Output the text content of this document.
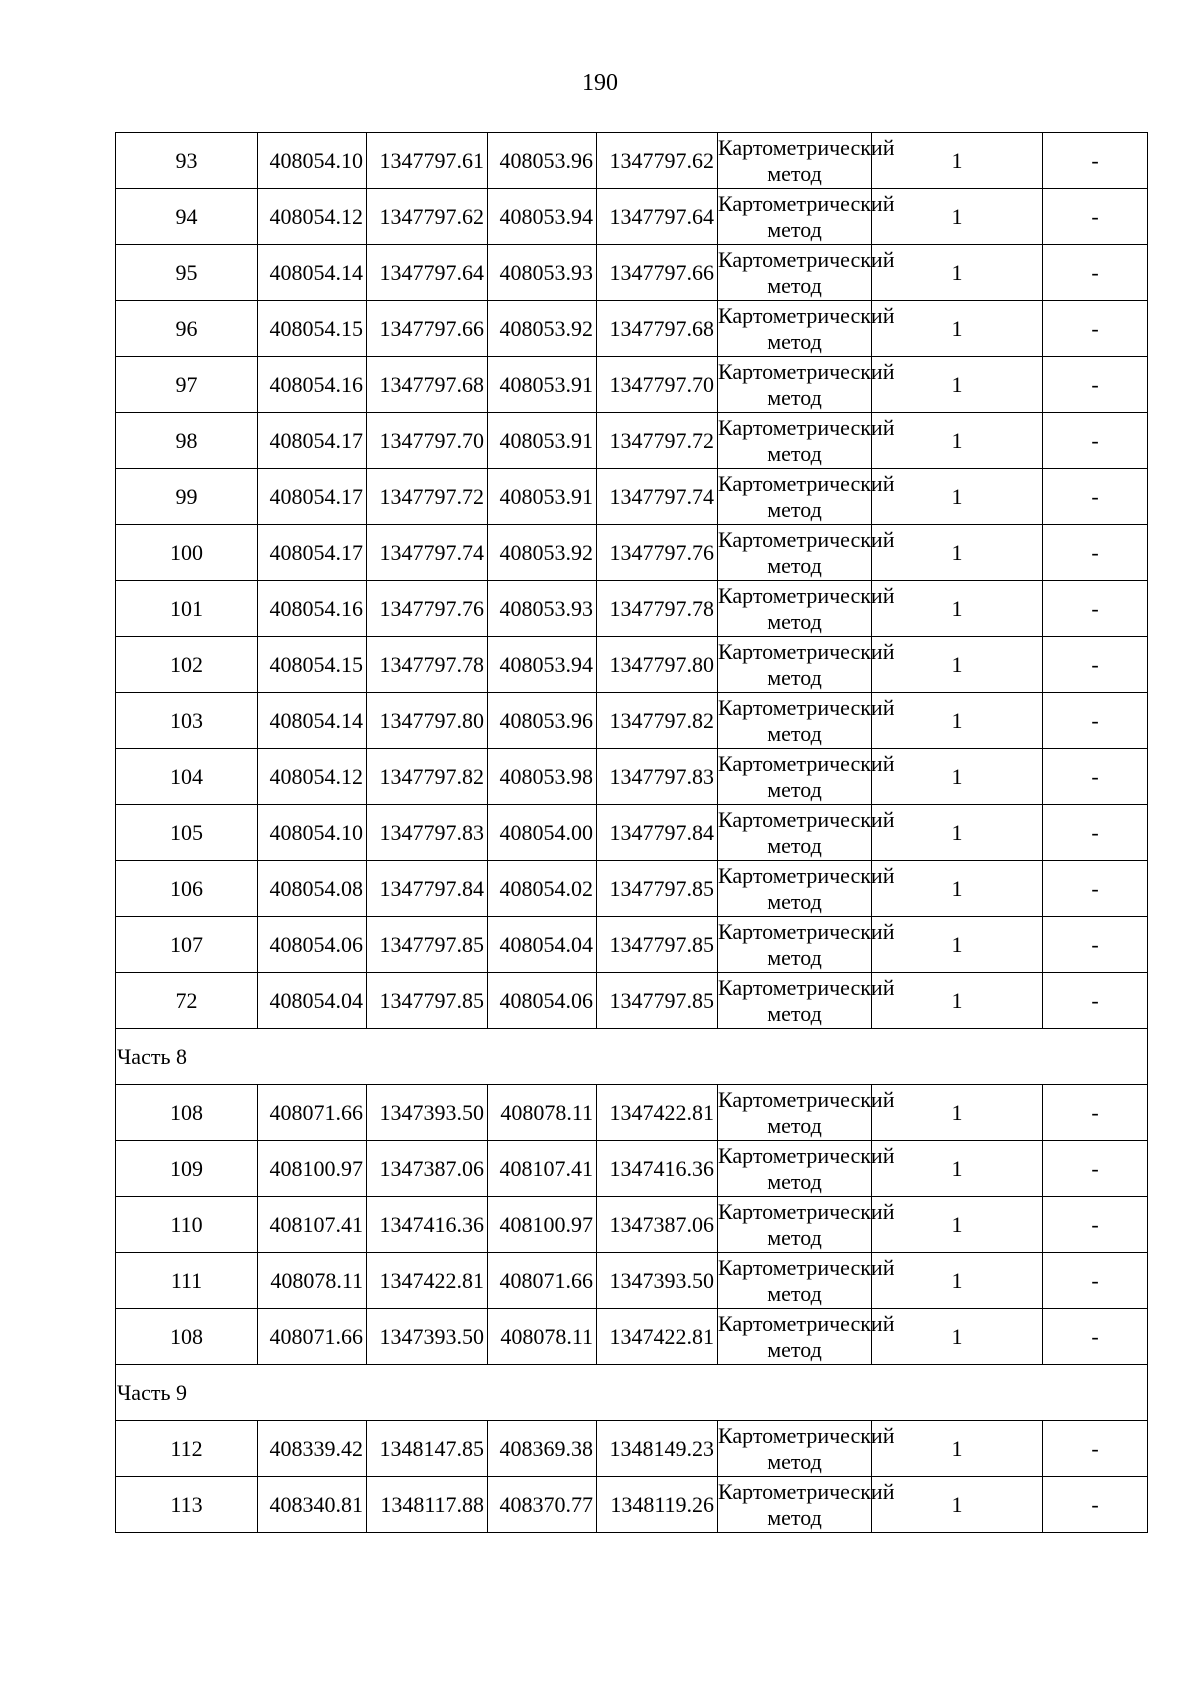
190
93	408054.10	1347797.61	408053.96	1347797.62	Картометрический метод	1	-
94	408054.12	1347797.62	408053.94	1347797.64	Картометрический метод	1	-
95	408054.14	1347797.64	408053.93	1347797.66	Картометрический метод	1	-
96	408054.15	1347797.66	408053.92	1347797.68	Картометрический метод	1	-
97	408054.16	1347797.68	408053.91	1347797.70	Картометрический метод	1	-
98	408054.17	1347797.70	408053.91	1347797.72	Картометрический метод	1	-
99	408054.17	1347797.72	408053.91	1347797.74	Картометрический метод	1	-
100	408054.17	1347797.74	408053.92	1347797.76	Картометрический метод	1	-
101	408054.16	1347797.76	408053.93	1347797.78	Картометрический метод	1	-
102	408054.15	1347797.78	408053.94	1347797.80	Картометрический метод	1	-
103	408054.14	1347797.80	408053.96	1347797.82	Картометрический метод	1	-
104	408054.12	1347797.82	408053.98	1347797.83	Картометрический метод	1	-
105	408054.10	1347797.83	408054.00	1347797.84	Картометрический метод	1	-
106	408054.08	1347797.84	408054.02	1347797.85	Картометрический метод	1	-
107	408054.06	1347797.85	408054.04	1347797.85	Картометрический метод	1	-
72	408054.04	1347797.85	408054.06	1347797.85	Картометрический метод	1	-
Часть 8							
108	408071.66	1347393.50	408078.11	1347422.81	Картометрический метод	1	-
109	408100.97	1347387.06	408107.41	1347416.36	Картометрический метод	1	-
110	408107.41	1347416.36	408100.97	1347387.06	Картометрический метод	1	-
111	408078.11	1347422.81	408071.66	1347393.50	Картометрический метод	1	-
108	408071.66	1347393.50	408078.11	1347422.81	Картометрический метод	1	-
Часть 9							
112	408339.42	1348147.85	408369.38	1348149.23	Картометрический метод	1	-
113	408340.81	1348117.88	408370.77	1348119.26	Картометрический метод	1	-
